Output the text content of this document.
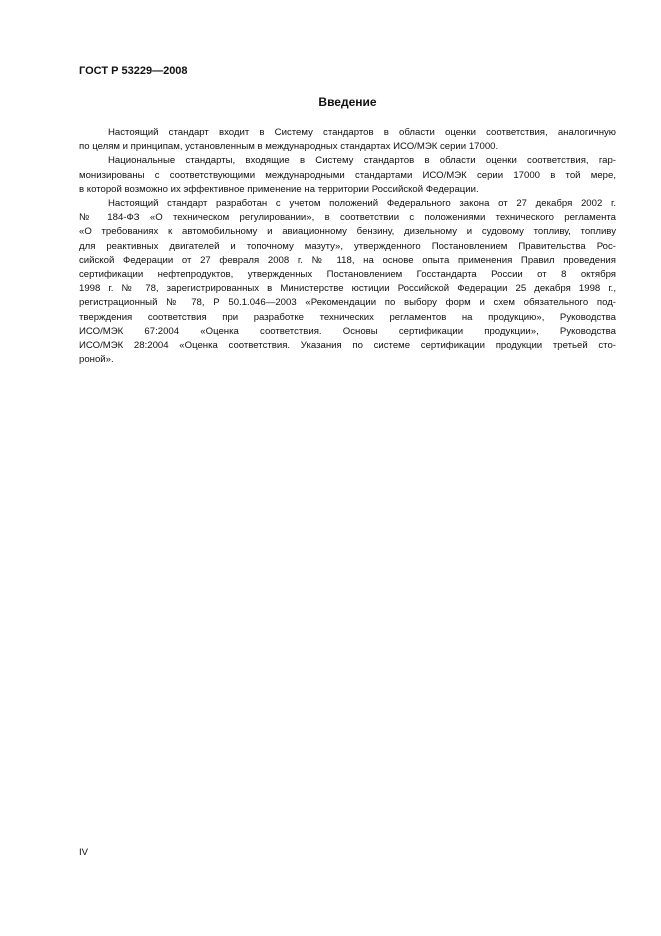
ГОСТ Р 53229—2008
Введение

Настоящий стандарт входит в Систему стандартов в области оценки соответствия, аналогичную
по целям и принципам, установленным в международных стандартах ИСО/МЭК серии 17000.

Национальные стандарты, входящие в Систему стандартов в области оценки соответствия, гар-
монизированы с соответствующими международными стандартами ИСО/МЭК серии 17000 в той мере,
в которой возможно их эффективное применение на территории Российской Федерации.

Настоящий стандарт разработан с учетом положений Федерального закона от 27 декабря 2002 г.
№ 184-ФЗ «О техническом регулировании», в соответствии с положениями технического регламента
«О требованиях к автомобильному и авиационному бензину, дизельному и судовому топливу, топливу
для реактивных двигателей и топочному мазуту», утвержденного Постановлением Правительства Рос-
сийской Федерации от 27 февраля 2008 г. № 118, на основе опыта применения Правил проведения
сертификации нефтепродуктов, утвержденных Постановлением Госстандарта России от 8 октября
1998 г. № 78, зарегистрированных в Министерстве юстиции Российской Федерации 25 декабря 1998 г.,
регистрационный № 78, Р 50.1.046—2003 «Рекомендации по выбору форм и схем обязательного под-
тверждения соответствия при разработке технических регламентов на продукцию», Руководства
ИСО/МЭК 67:2004 «Оценка соответствия. Основы сертификации продукции», Руководства
ИСО/МЭК 28:2004 «Оценка соответствия. Указания по системе сертификации продукции третьей сто-
роной».

IV
